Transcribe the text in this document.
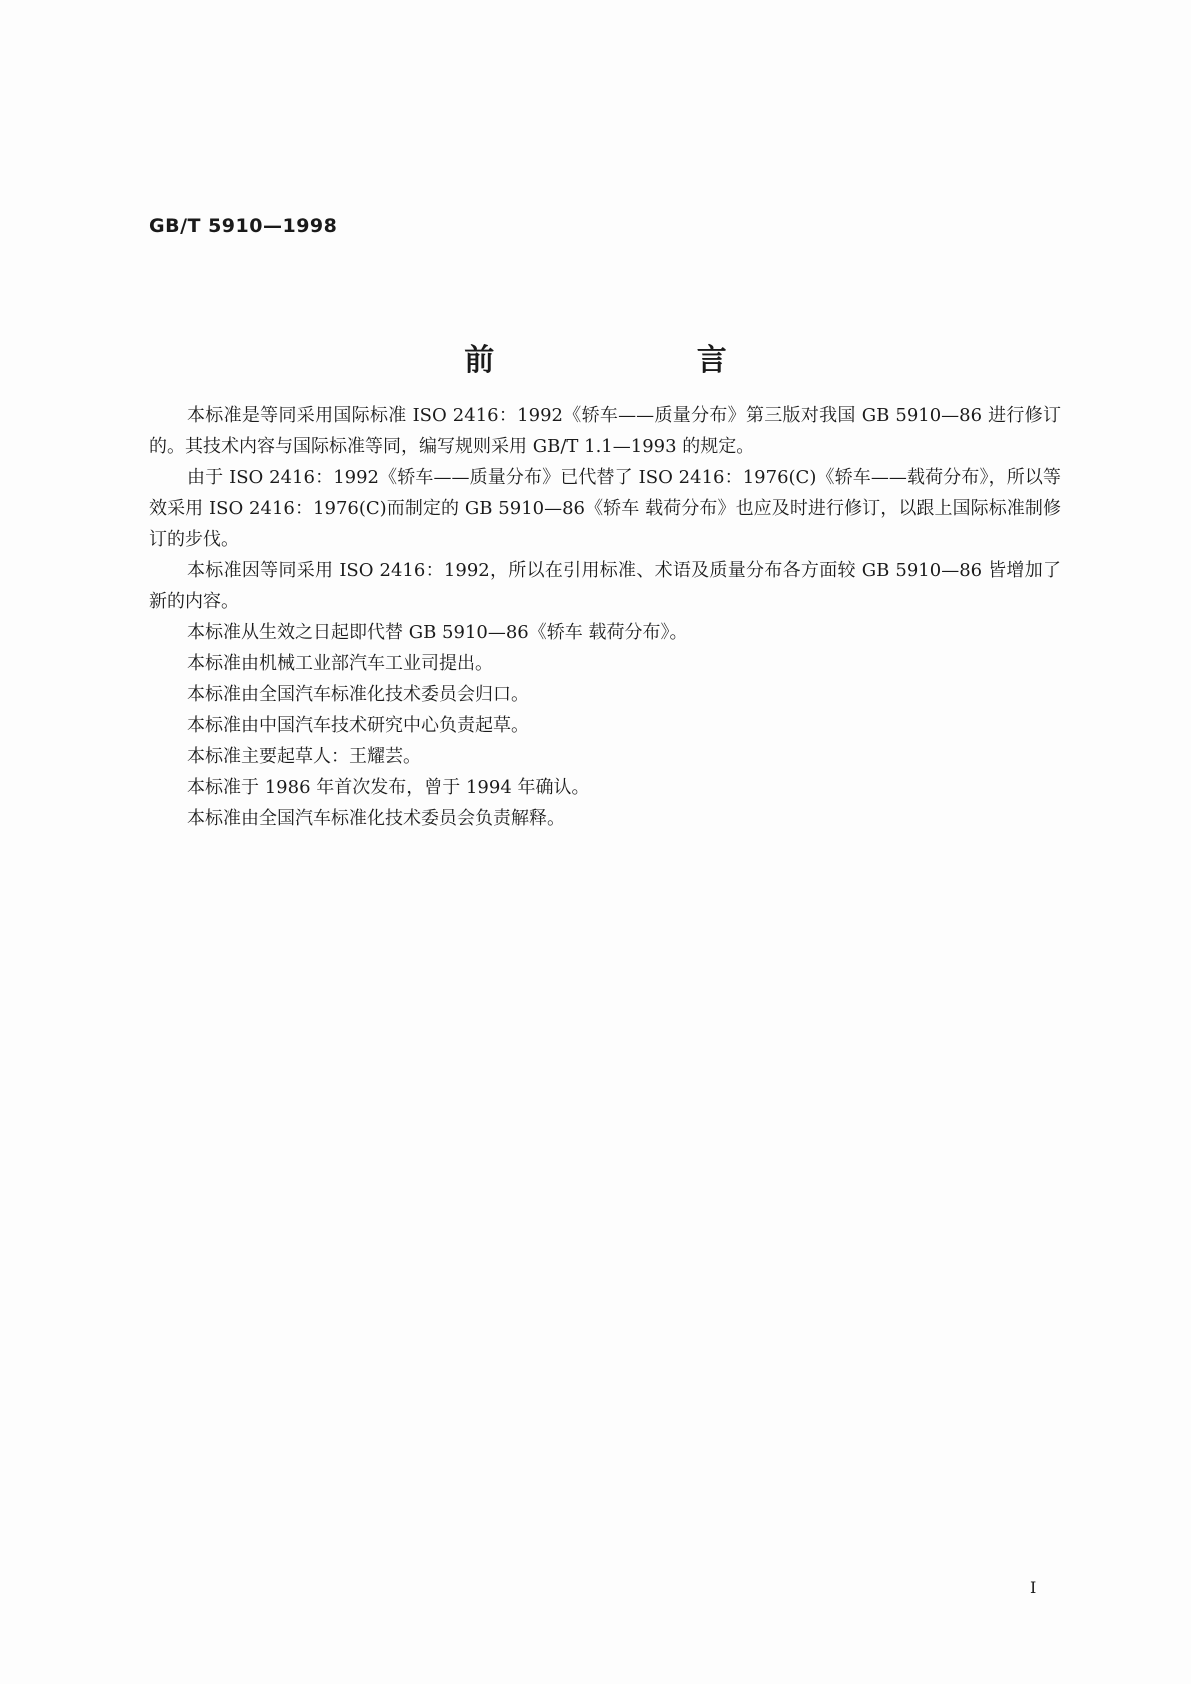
GB/T 5910—1998

前 言

本标准是等同采用国际标准 ISO 2416：1992《轿车——质量分布》第三版对我国 GB 5910—86 进行修订的。其技术内容与国际标准等同，编写规则采用 GB/T 1.1—1993 的规定。

由于 ISO 2416：1992《轿车——质量分布》已代替了 ISO 2416：1976(C)《轿车——载荷分布》，所以等效采用 ISO 2416：1976(C)而制定的 GB 5910—86《轿车 载荷分布》也应及时进行修订，以跟上国际标准制修订的步伐。

本标准因等同采用 ISO 2416：1992，所以在引用标准、术语及质量分布各方面较 GB 5910—86 皆增加了新的内容。

本标准从生效之日起即代替 GB 5910—86《轿车 载荷分布》。

本标准由机械工业部汽车工业司提出。

本标准由全国汽车标准化技术委员会归口。

本标准由中国汽车技术研究中心负责起草。

本标准主要起草人：王耀芸。

本标准于 1986 年首次发布，曾于 1994 年确认。

本标准由全国汽车标准化技术委员会负责解释。

I
